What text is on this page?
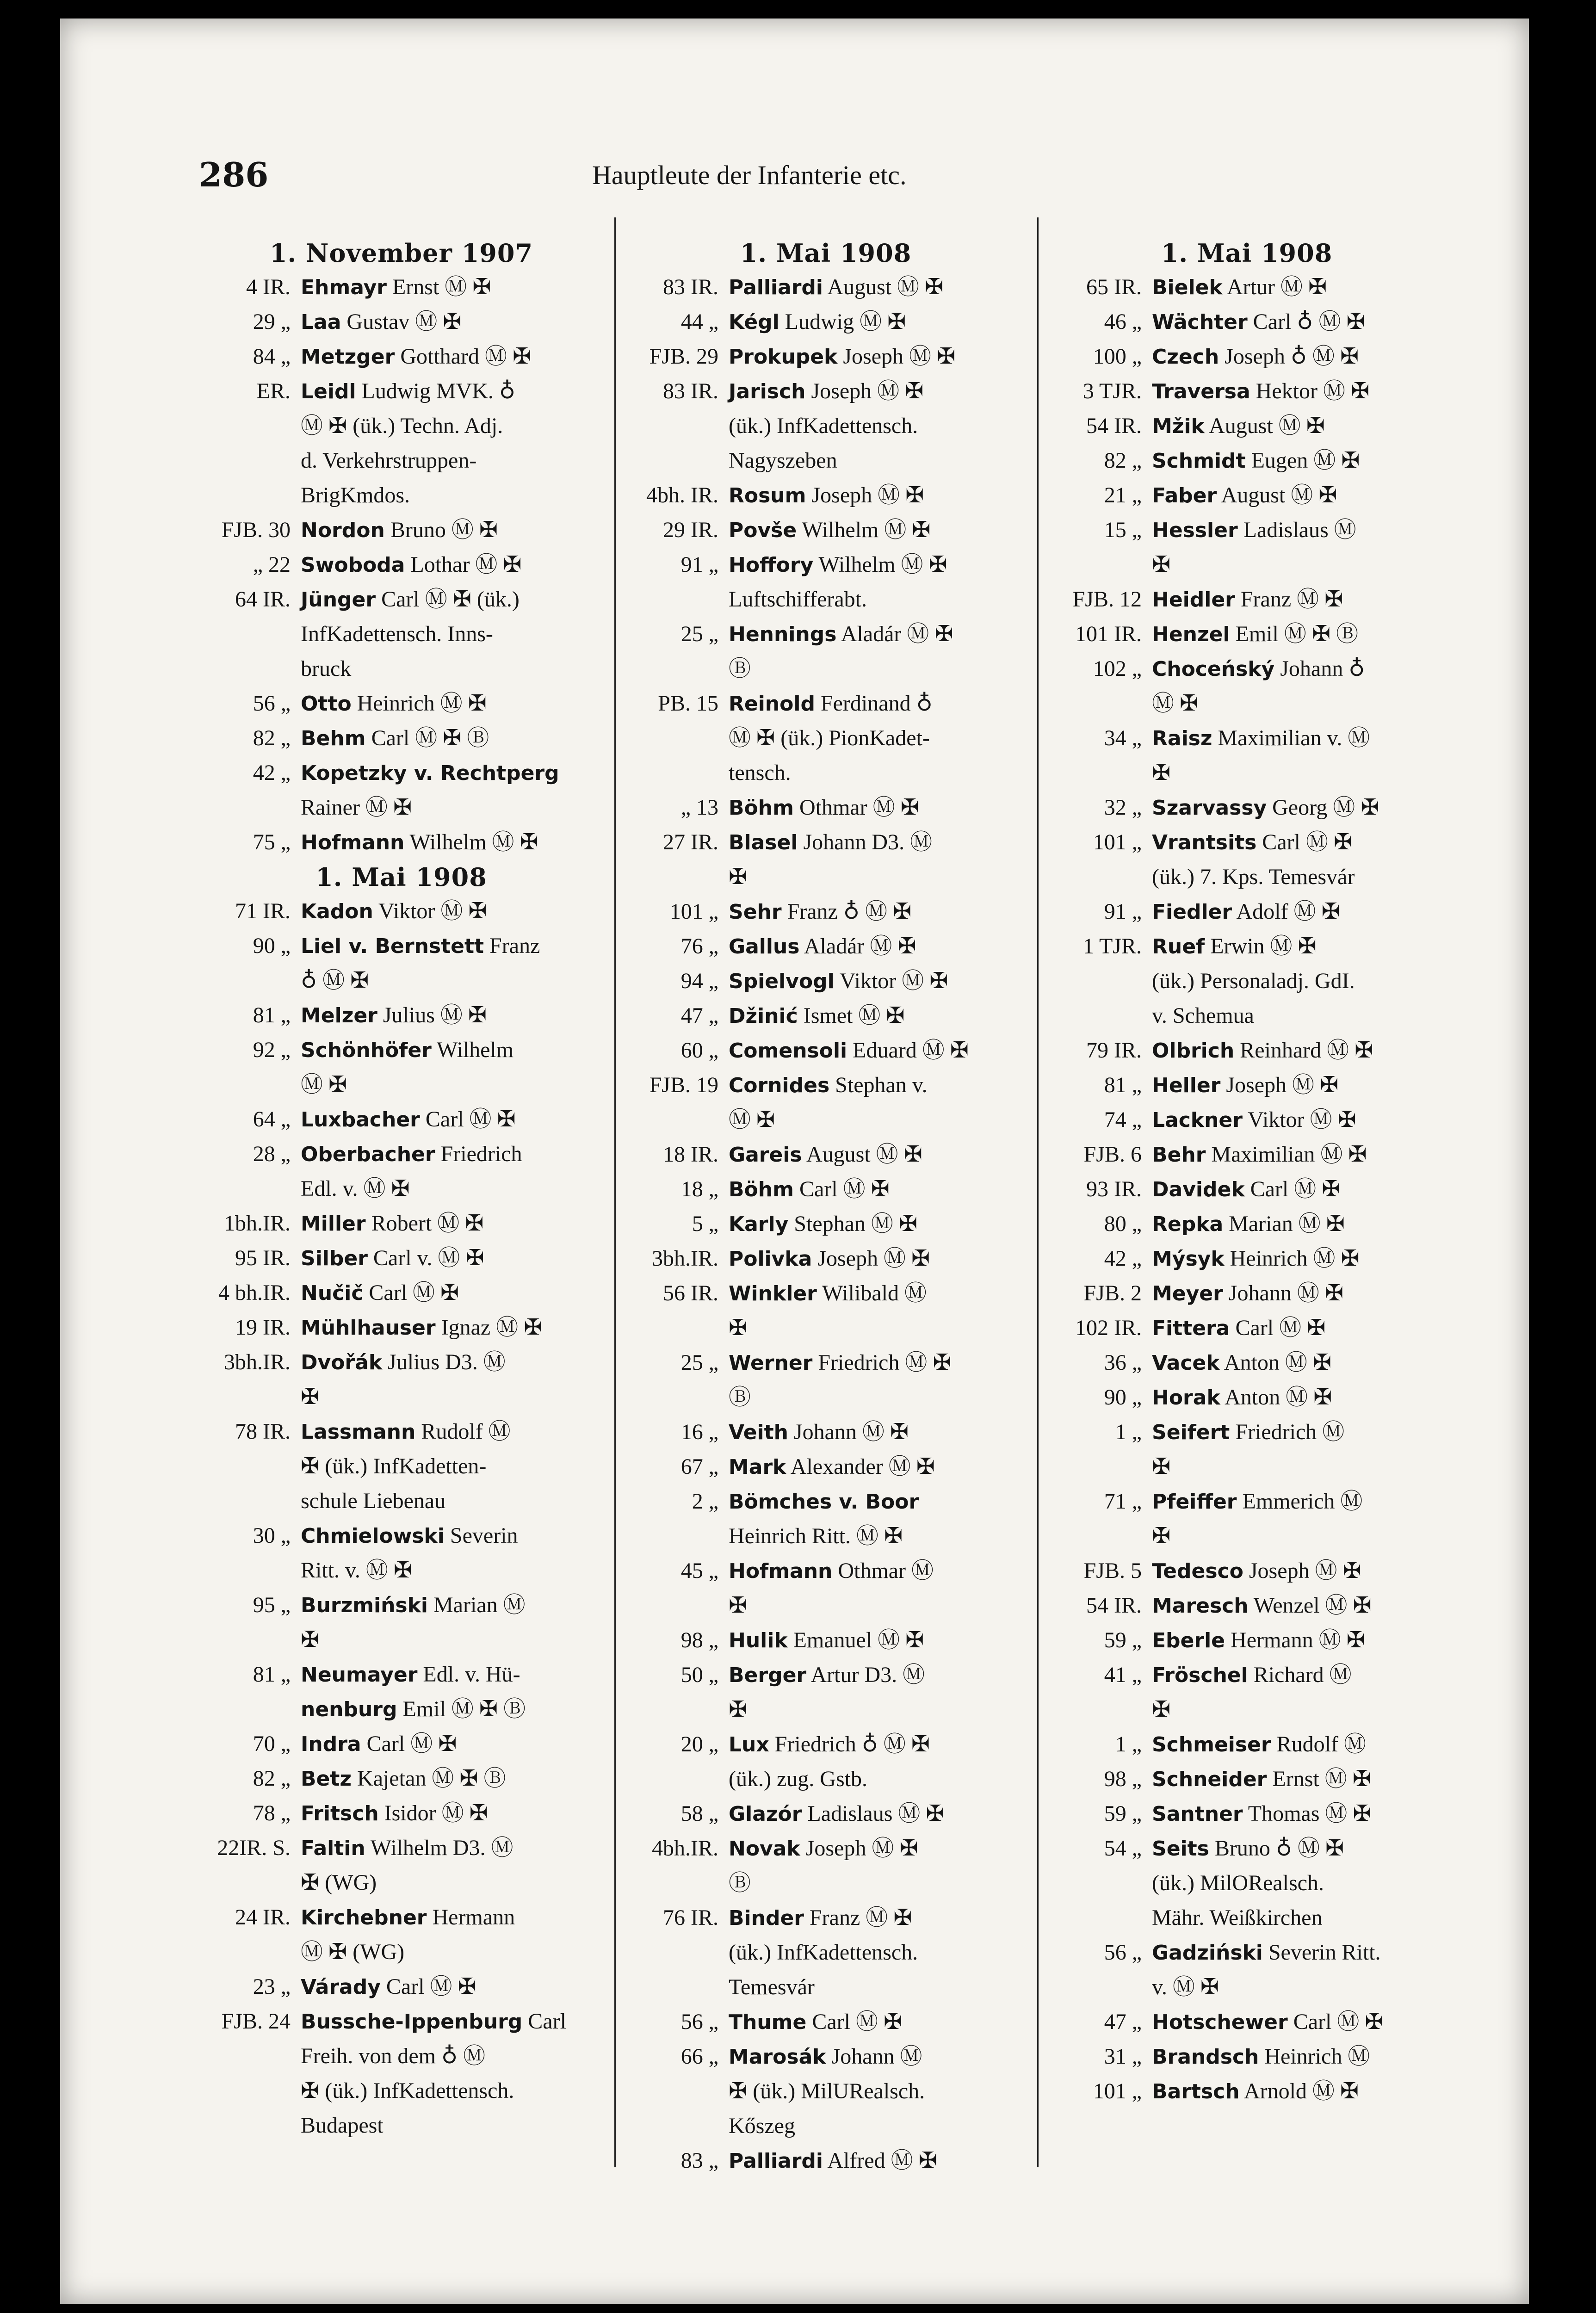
286	Hauptleute der Infanterie etc.
1. November 1907
4 IR. Ehmayr Ernst Ⓜ ✠
29 „ Laa Gustav Ⓜ ✠
84 „ Metzger Gotthard Ⓜ ✠
ER. Leidl Ludwig MVK. ♁
Ⓜ ✠ (ük.) Techn. Adj.
d. Verkehrstruppen-
BrigKmdos.
FJB. 30 Nordon Bruno Ⓜ ✠
„ 22 Swoboda Lothar Ⓜ ✠
64 IR. Jünger Carl Ⓜ ✠ (ük.)
InfKadettensch. Inns-
bruck
56 „ Otto Heinrich Ⓜ ✠
82 „ Behm Carl Ⓜ ✠ Ⓑ
42 „ Kopetzky v. Rechtperg
Rainer Ⓜ ✠
75 „ Hofmann Wilhelm Ⓜ ✠
1. Mai 1908
71 IR. Kadon Viktor Ⓜ ✠
90 „ Liel v. Bernstett Franz
♁ Ⓜ ✠
81 „ Melzer Julius Ⓜ ✠
92 „ Schönhöfer Wilhelm
Ⓜ ✠
64 „ Luxbacher Carl Ⓜ ✠
28 „ Oberbacher Friedrich
Edl. v. Ⓜ ✠
1bh.IR. Miller Robert Ⓜ ✠
95 IR. Silber Carl v. Ⓜ ✠
4 bh.IR. Nučič Carl Ⓜ ✠
19 IR. Mühlhauser Ignaz Ⓜ ✠
3bh.IR. Dvořák Julius D3. Ⓜ
✠
78 IR. Lassmann Rudolf Ⓜ
✠ (ük.) InfKadetten-
schule Liebenau
30 „ Chmielowski Severin
Ritt. v. Ⓜ ✠
95 „ Burzmiński Marian Ⓜ
✠
81 „ Neumayer Edl. v. Hü-
nenburg Emil Ⓜ ✠ Ⓑ
70 „ Indra Carl Ⓜ ✠
82 „ Betz Kajetan Ⓜ ✠ Ⓑ
78 „ Fritsch Isidor Ⓜ ✠
22IR. S. Faltin Wilhelm D3. Ⓜ
✠ (WG)
24 IR. Kirchebner Hermann
Ⓜ ✠ (WG)
23 „ Várady Carl Ⓜ ✠
FJB. 24 Bussche-Ippenburg Carl
Freih. von dem ♁ Ⓜ
✠ (ük.) InfKadettensch.
Budapest
1. Mai 1908
83 IR. Palliardi August Ⓜ ✠
44 „ Kégl Ludwig Ⓜ ✠
FJB. 29 Prokupek Joseph Ⓜ ✠
83 IR. Jarisch Joseph Ⓜ ✠
(ük.) InfKadettensch.
Nagyszeben
4bh. IR. Rosum Joseph Ⓜ ✠
29 IR. Povše Wilhelm Ⓜ ✠
91 „ Hoffory Wilhelm Ⓜ ✠
Luftschifferabt.
25 „ Hennings Aladár Ⓜ ✠
Ⓑ
PB. 15 Reinold Ferdinand ♁
Ⓜ ✠ (ük.) PionKadet-
tensch.
„ 13 Böhm Othmar Ⓜ ✠
27 IR. Blasel Johann D3. Ⓜ
✠
101 „ Sehr Franz ♁ Ⓜ ✠
76 „ Gallus Aladár Ⓜ ✠
94 „ Spielvogl Viktor Ⓜ ✠
47 „ Džinić Ismet Ⓜ ✠
60 „ Comensoli Eduard Ⓜ ✠
FJB. 19 Cornides Stephan v.
Ⓜ ✠
18 IR. Gareis August Ⓜ ✠
18 „ Böhm Carl Ⓜ ✠
5 „ Karly Stephan Ⓜ ✠
3bh.IR. Polivka Joseph Ⓜ ✠
56 IR. Winkler Wilibald Ⓜ
✠
25 „ Werner Friedrich Ⓜ ✠
Ⓑ
16 „ Veith Johann Ⓜ ✠
67 „ Mark Alexander Ⓜ ✠
2 „ Bömches v. Boor
Heinrich Ritt. Ⓜ ✠
45 „ Hofmann Othmar Ⓜ
✠
98 „ Hulik Emanuel Ⓜ ✠
50 „ Berger Artur D3. Ⓜ
✠
20 „ Lux Friedrich ♁ Ⓜ ✠
(ük.) zug. Gstb.
58 „ Glazór Ladislaus Ⓜ ✠
4bh.IR. Novak Joseph Ⓜ ✠
Ⓑ
76 IR. Binder Franz Ⓜ ✠
(ük.) InfKadettensch.
Temesvár
56 „ Thume Carl Ⓜ ✠
66 „ Marosák Johann Ⓜ
✠ (ük.) MilURealsch.
Kőszeg
83 „ Palliardi Alfred Ⓜ ✠
1. Mai 1908
65 IR. Bielek Artur Ⓜ ✠
46 „ Wächter Carl ♁ Ⓜ ✠
100 „ Czech Joseph ♁ Ⓜ ✠
3 TJR. Traversa Hektor Ⓜ ✠
54 IR. Mžik August Ⓜ ✠
82 „ Schmidt Eugen Ⓜ ✠
21 „ Faber August Ⓜ ✠
15 „ Hessler Ladislaus Ⓜ
✠
FJB. 12 Heidler Franz Ⓜ ✠
101 IR. Henzel Emil Ⓜ ✠ Ⓑ
102 „ Choceńský Johann ♁
Ⓜ ✠
34 „ Raisz Maximilian v. Ⓜ
✠
32 „ Szarvassy Georg Ⓜ ✠
101 „ Vrantsits Carl Ⓜ ✠
(ük.) 7. Kps. Temesvár
91 „ Fiedler Adolf Ⓜ ✠
1 TJR. Ruef Erwin Ⓜ ✠
(ük.) Personaladj. GdI.
v. Schemua
79 IR. Olbrich Reinhard Ⓜ ✠
81 „ Heller Joseph Ⓜ ✠
74 „ Lackner Viktor Ⓜ ✠
FJB. 6 Behr Maximilian Ⓜ ✠
93 IR. Davidek Carl Ⓜ ✠
80 „ Repka Marian Ⓜ ✠
42 „ Mýsyk Heinrich Ⓜ ✠
FJB. 2 Meyer Johann Ⓜ ✠
102 IR. Fittera Carl Ⓜ ✠
36 „ Vacek Anton Ⓜ ✠
90 „ Horak Anton Ⓜ ✠
1 „ Seifert Friedrich Ⓜ
✠
71 „ Pfeiffer Emmerich Ⓜ
✠
FJB. 5 Tedesco Joseph Ⓜ ✠
54 IR. Maresch Wenzel Ⓜ ✠
59 „ Eberle Hermann Ⓜ ✠
41 „ Fröschel Richard Ⓜ
✠
1 „ Schmeiser Rudolf Ⓜ
98 „ Schneider Ernst Ⓜ ✠
59 „ Santner Thomas Ⓜ ✠
54 „ Seits Bruno ♁ Ⓜ ✠
(ük.) MilORealsch.
Mähr. Weißkirchen
56 „ Gadziński Severin Ritt.
v. Ⓜ ✠
47 „ Hotschewer Carl Ⓜ ✠
31 „ Brandsch Heinrich Ⓜ
101 „ Bartsch Arnold Ⓜ ✠
